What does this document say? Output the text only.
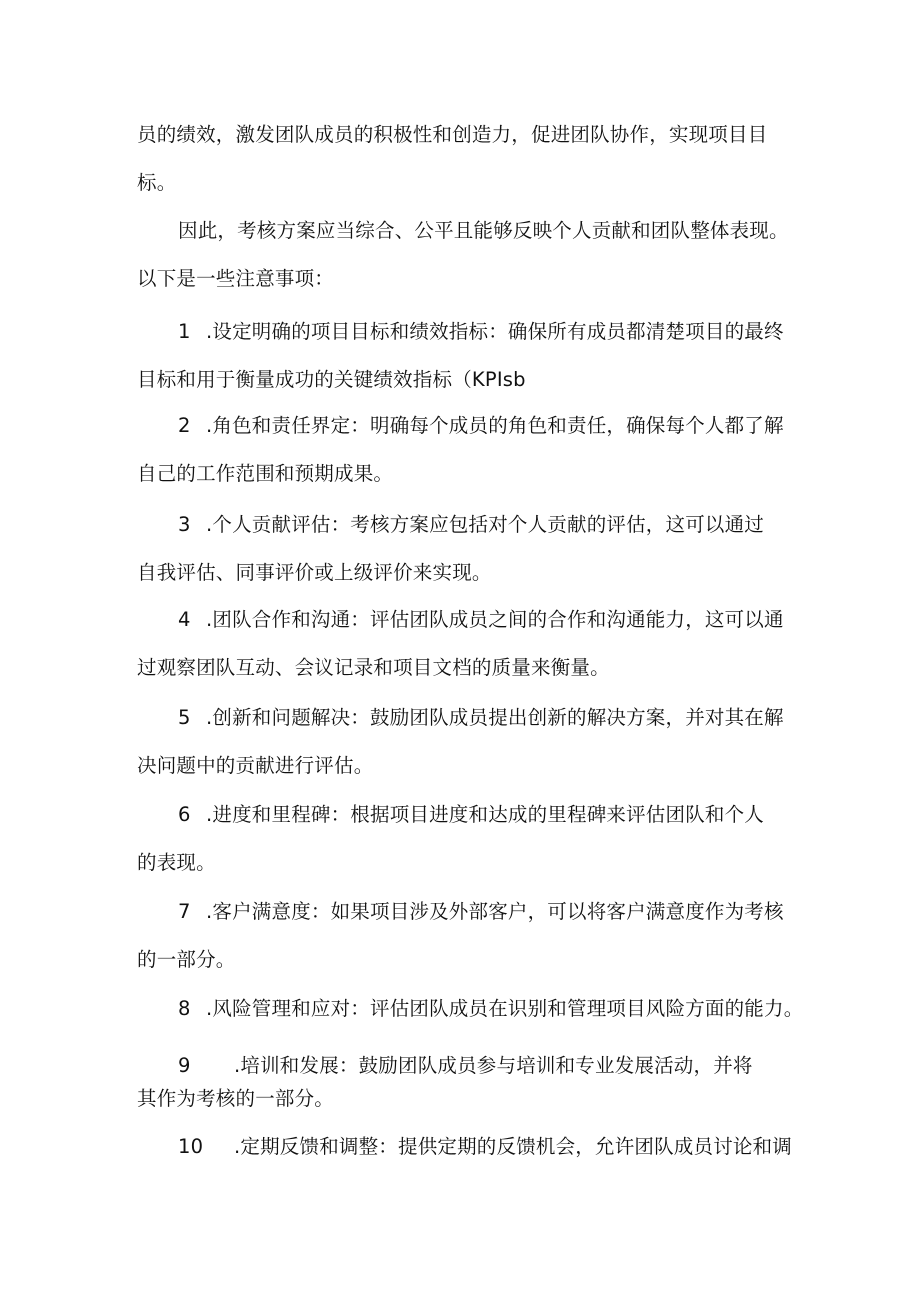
员的绩效，激发团队成员的积极性和创造力，促进团队协作，实现项目目

标。

因此，考核方案应当综合、公平且能够反映个人贡献和团队整体表现。

以下是一些注意事项：

1 .设定明确的项目目标和绩效指标：确保所有成员都清楚项目的最终

目标和用于衡量成功的关键绩效指标（KPIsb

2 .角色和责任界定：明确每个成员的角色和责任，确保每个人都了解

自己的工作范围和预期成果。

3 .个人贡献评估：考核方案应包括对个人贡献的评估，这可以通过

自我评估、同事评价或上级评价来实现。

4 .团队合作和沟通：评估团队成员之间的合作和沟通能力，这可以通

过观察团队互动、会议记录和项目文档的质量来衡量。

5 .创新和问题解决：鼓励团队成员提出创新的解决方案，并对其在解

决问题中的贡献进行评估。

6 .进度和里程碑：根据项目进度和达成的里程碑来评估团队和个人

的表现。

7 .客户满意度：如果项目涉及外部客户，可以将客户满意度作为考核

的一部分。

8 .风险管理和应对：评估团队成员在识别和管理项目风险方面的能力。

9 .培训和发展：鼓励团队成员参与培训和专业发展活动，并将

其作为考核的一部分。

10 .定期反馈和调整：提供定期的反馈机会，允许团队成员讨论和调
